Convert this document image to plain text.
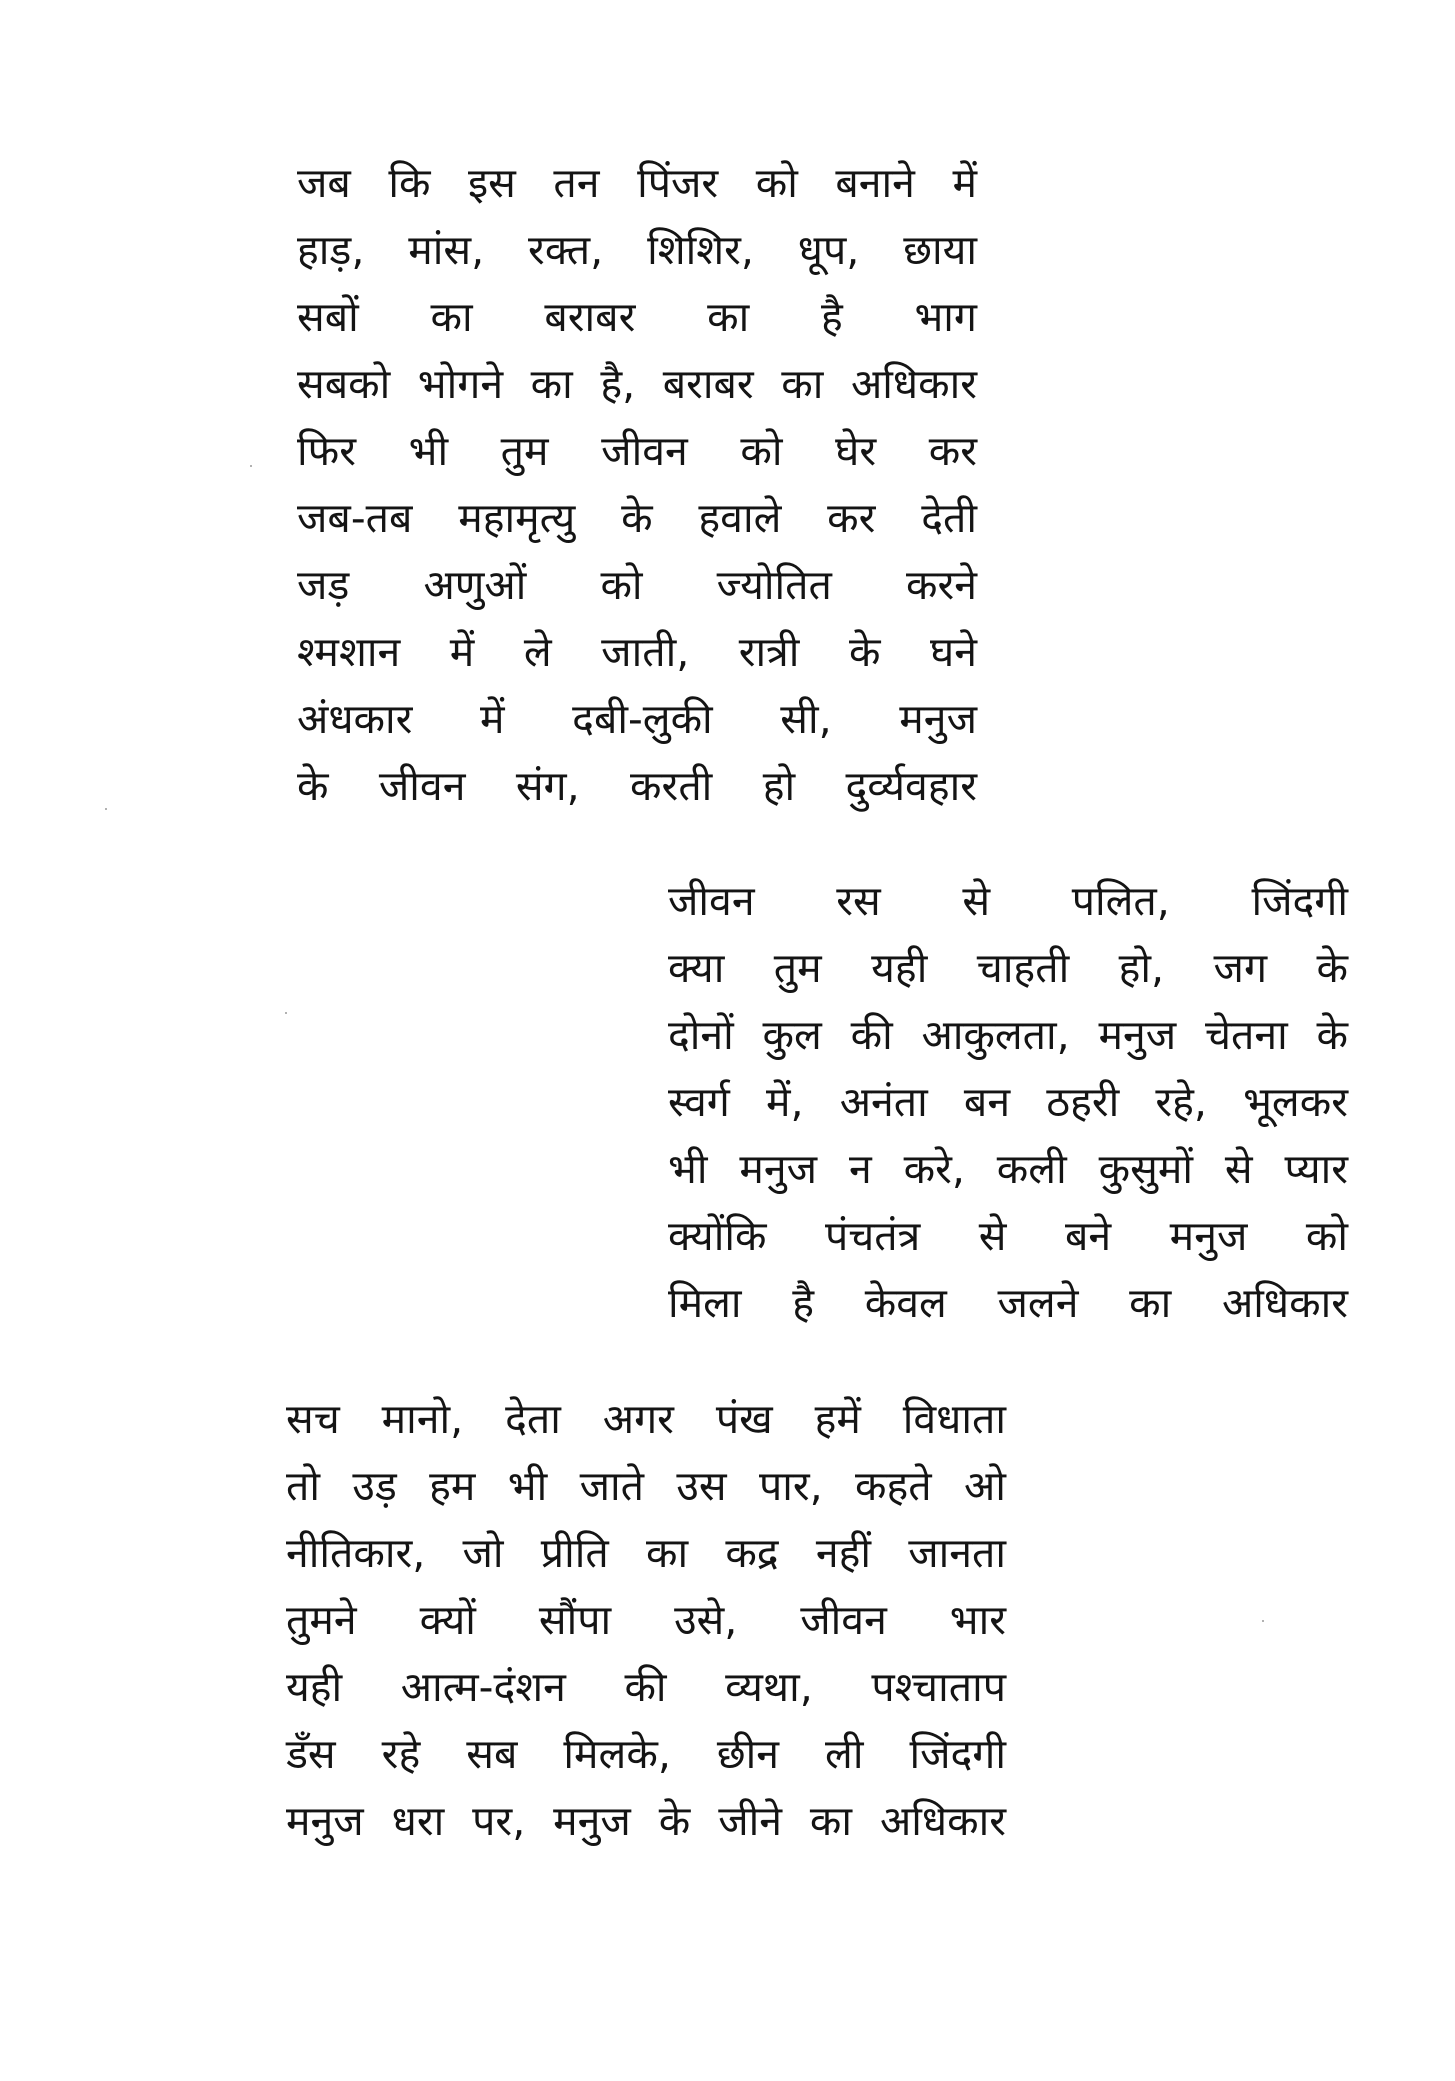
जब कि इस तन पिंजर को बनाने में
हाड़, मांस, रक्त, शिशिर, धूप, छाया
सबों का बराबर का है भाग
सबको भोगने का है, बराबर का अधिकार
फिर भी तुम जीवन को घेर कर
जब-तब महामृत्यु के हवाले कर देती
जड़ अणुओं को ज्योतित करने
श्मशान में ले जाती, रात्री के घने
अंधकार में दबी-लुकी सी, मनुज
के जीवन संग, करती हो दुर्व्यवहार
जीवन रस से पलित, जिंदगी
क्या तुम यही चाहती हो, जग के
दोनों कुल की आकुलता, मनुज चेतना के
स्वर्ग में, अनंता बन ठहरी रहे, भूलकर
भी मनुज न करे, कली कुसुमों से प्यार
क्योंकि पंचतंत्र से बने मनुज को
मिला है केवल जलने का अधिकार
सच मानो, देता अगर पंख हमें विधाता
तो उड़ हम भी जाते उस पार, कहते ओ
नीतिकार, जो प्रीति का कद्र नहीं जानता
तुमने क्यों सौंपा उसे, जीवन भार
यही आत्म-दंशन की व्यथा, पश्चाताप
डँस रहे सब मिलके, छीन ली जिंदगी
मनुज धरा पर, मनुज के जीने का अधिकार
